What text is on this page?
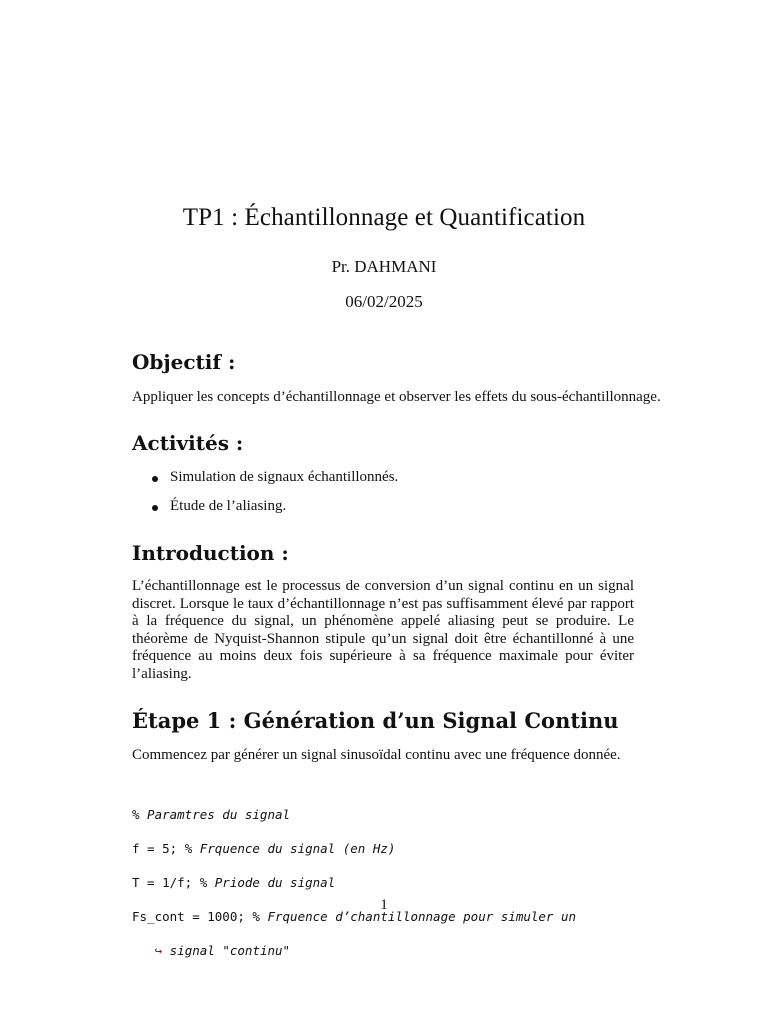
TP1 : Échantillonnage et Quantification
Pr. DAHMANI
06/02/2025
Objectif :
Appliquer les concepts d’échantillonnage et observer les effets du sous-échantillonnage.
Activités :
Simulation de signaux échantillonnés.
Étude de l’aliasing.
Introduction :
L’échantillonnage est le processus de conversion d’un signal continu en un signal discret. Lorsque le taux d’échantillonnage n’est pas suffisamment élevé par rapport à la fréquence du signal, un phénomène appelé aliasing peut se produire. Le théorème de Nyquist-Shannon stipule qu’un signal doit être échantillonné à une fréquence au moins deux fois supérieure à sa fréquence maximale pour éviter l’aliasing.
Étape 1 : Génération d’un Signal Continu
Commencez par générer un signal sinusoïdal continu avec une fréquence donnée.

% Paramtres du signal

f = 5; % Frquence du signal (en Hz)

T = 1/f; % Priode du signal

Fs_cont = 1000; % Frquence d’chantillonnage pour simuler un

↪ signal "continu"

1
